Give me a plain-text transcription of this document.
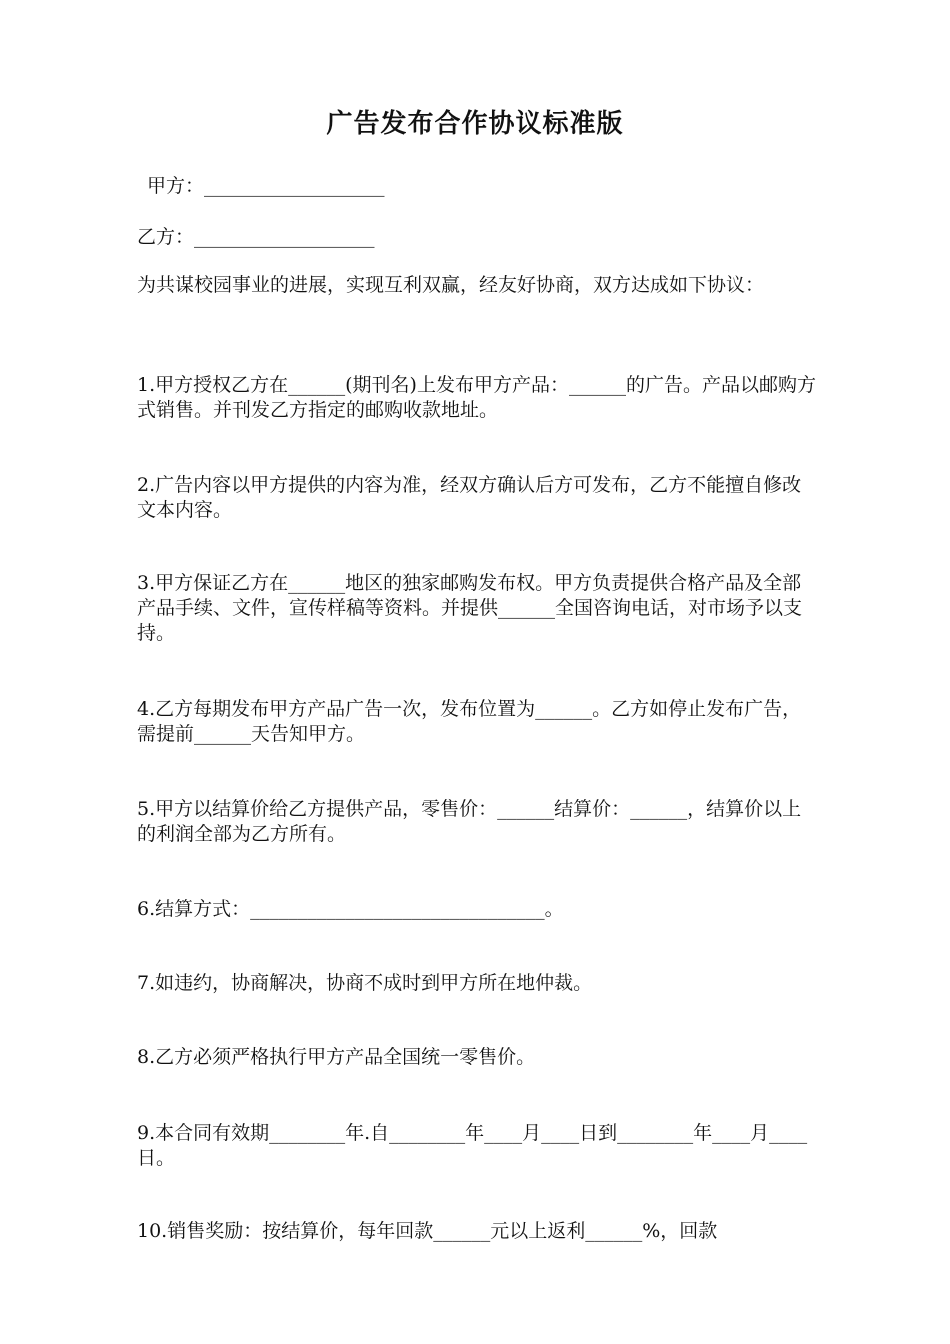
广告发布合作协议标准版

甲方：___________________

乙方：___________________

为共谋校园事业的进展，实现互利双赢，经友好协商，双方达成如下协议：

1.甲方授权乙方在______(期刊名)上发布甲方产品：______的广告。产品以邮购方式销售。并刊发乙方指定的邮购收款地址。

2.广告内容以甲方提供的内容为准，经双方确认后方可发布，乙方不能擅自修改文本内容。

3.甲方保证乙方在______地区的独家邮购发布权。甲方负责提供合格产品及全部产品手续、文件，宣传样稿等资料。并提供______全国咨询电话，对市场予以支持。

4.乙方每期发布甲方产品广告一次，发布位置为______。乙方如停止发布广告，需提前______天告知甲方。

5.甲方以结算价给乙方提供产品，零售价：______结算价：______，结算价以上的利润全部为乙方所有。

6.结算方式：_______________________________。

7.如违约，协商解决，协商不成时到甲方所在地仲裁。

8.乙方必须严格执行甲方产品全国统一零售价。

9.本合同有效期________年.自________年____月____日到________年____月____日。

10.销售奖励：按结算价，每年回款______元以上返利______%，回款
